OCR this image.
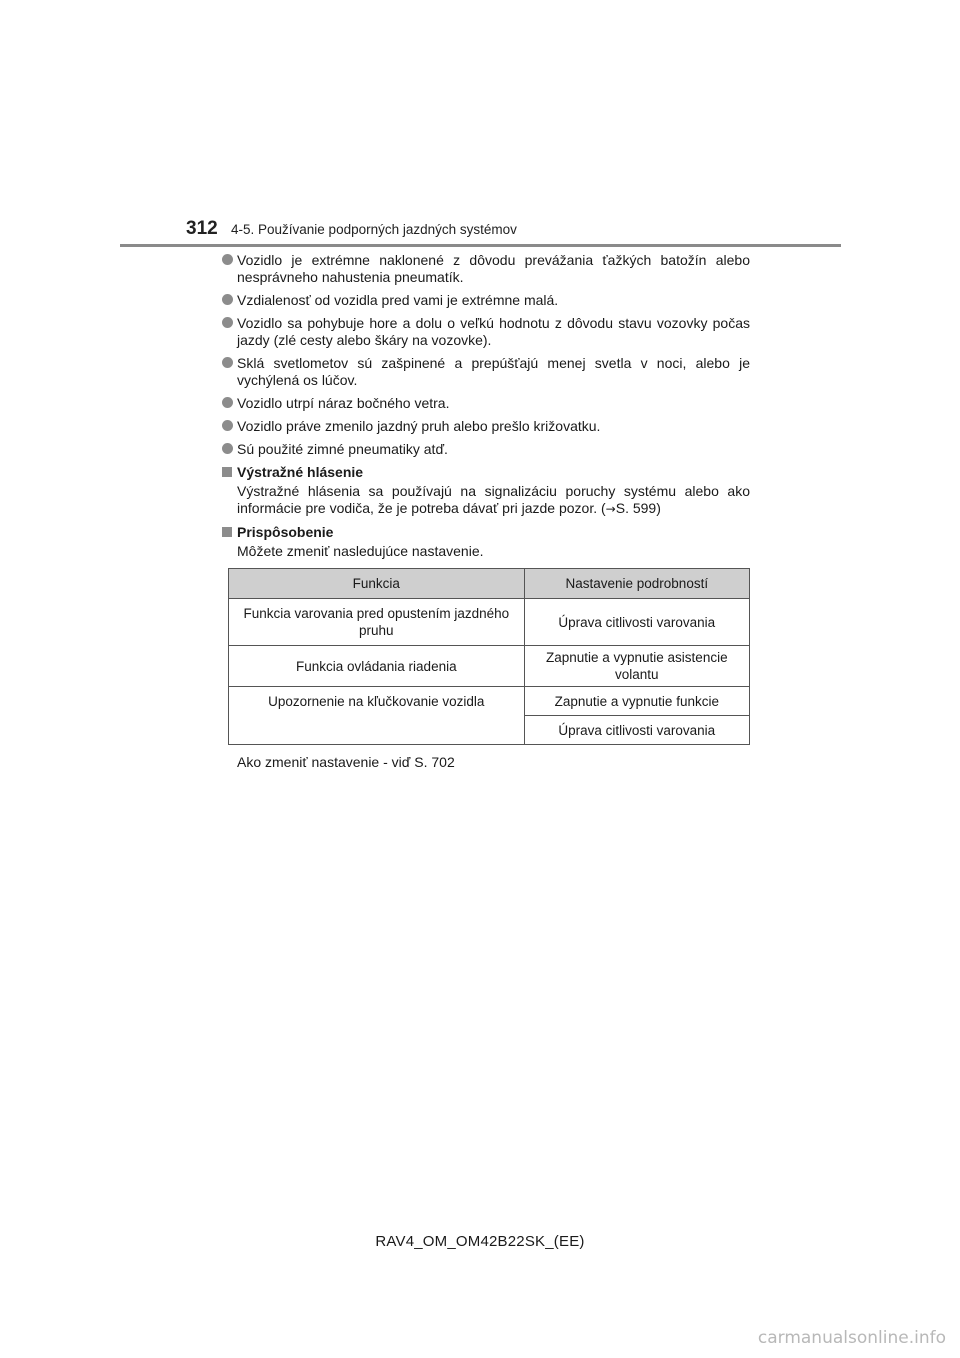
312 4-5. Používanie podporných jazdných systémov
Vozidlo je extrémne naklonené z dôvodu prevážania ťažkých batožín alebo nesprávneho nahustenia pneumatík.
Vzdialenosť od vozidla pred vami je extrémne malá.
Vozidlo sa pohybuje hore a dolu o veľkú hodnotu z dôvodu stavu vozovky počas jazdy (zlé cesty alebo škáry na vozovke).
Sklá svetlometov sú zašpinené a prepúšťajú menej svetla v noci, alebo je vychýlená os lúčov.
Vozidlo utrpí náraz bočného vetra.
Vozidlo práve zmenilo jazdný pruh alebo prešlo križovatku.
Sú použité zimné pneumatiky atď.
Výstražné hlásenie
Výstražné hlásenia sa používajú na signalizáciu poruchy systému alebo ako informácie pre vodiča, že je potreba dávať pri jazde pozor. (→S. 599)
Prispôsobenie
Môžete zmeniť nasledujúce nastavenie.
Funkcia	Nastavenie podrobností
Funkcia varovania pred opustením jazdného pruhu	Úprava citlivosti varovania
Funkcia ovládania riadenia	Zapnutie a vypnutie asistencie volantu
Upozornenie na kľučkovanie vozidla	Zapnutie a vypnutie funkcie
	Úprava citlivosti varovania
Ako zmeniť nastavenie - viď S. 702
RAV4_OM_OM42B22SK_(EE)
carmanualsonline.info
